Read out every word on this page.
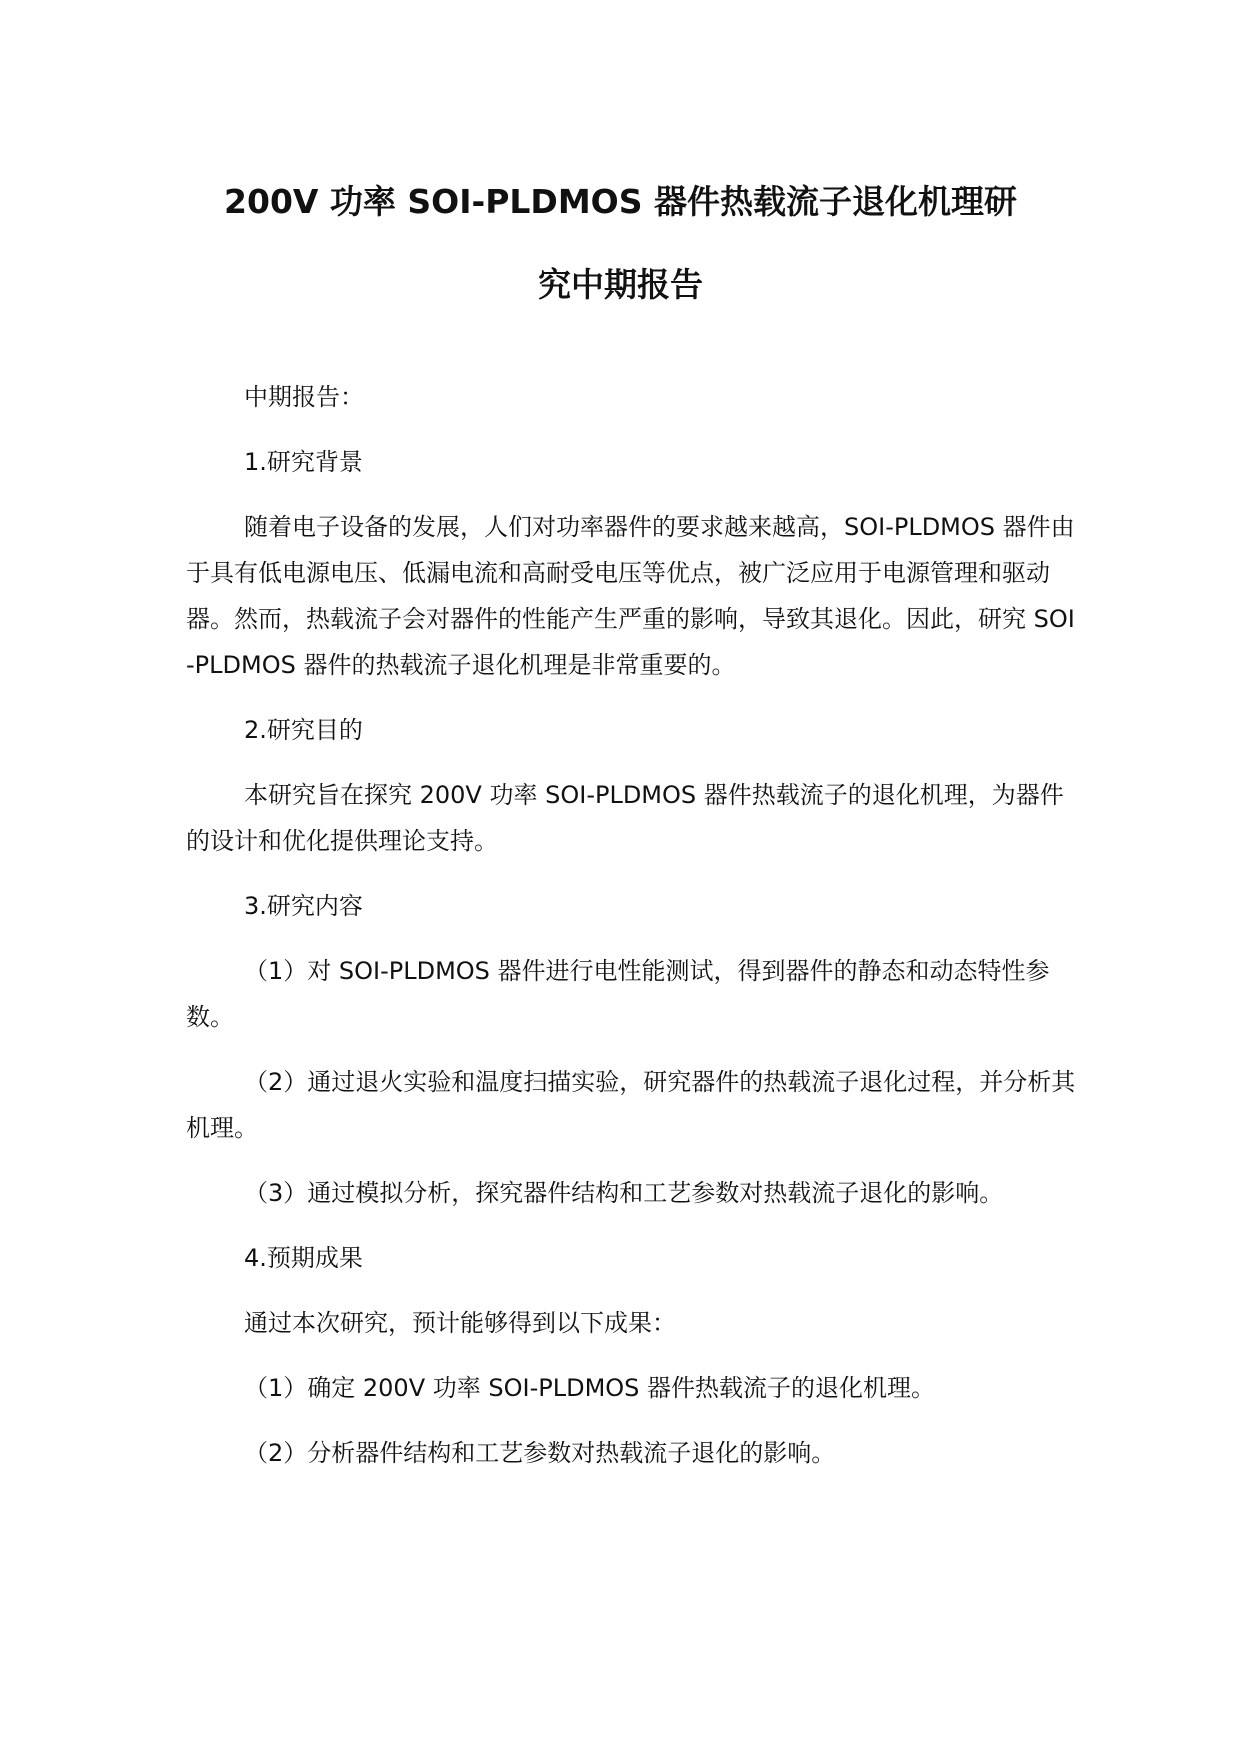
200V 功率 SOI-PLDMOS 器件热载流子退化机理研
究中期报告

中期报告：

1.研究背景

随着电子设备的发展，人们对功率器件的要求越来越高，SOI-PLDMOS 器件由于具有低电源电压、低漏电流和高耐受电压等优点，被广泛应用于电源管理和驱动器。然而，热载流子会对器件的性能产生严重的影响，导致其退化。因此，研究 SOI-PLDMOS 器件的热载流子退化机理是非常重要的。

2.研究目的

本研究旨在探究 200V 功率 SOI-PLDMOS 器件热载流子的退化机理，为器件的设计和优化提供理论支持。

3.研究内容

（1）对 SOI-PLDMOS 器件进行电性能测试，得到器件的静态和动态特性参数。

（2）通过退火实验和温度扫描实验，研究器件的热载流子退化过程，并分析其机理。

（3）通过模拟分析，探究器件结构和工艺参数对热载流子退化的影响。

4.预期成果

通过本次研究，预计能够得到以下成果：

（1）确定 200V 功率 SOI-PLDMOS 器件热载流子的退化机理。

（2）分析器件结构和工艺参数对热载流子退化的影响。
